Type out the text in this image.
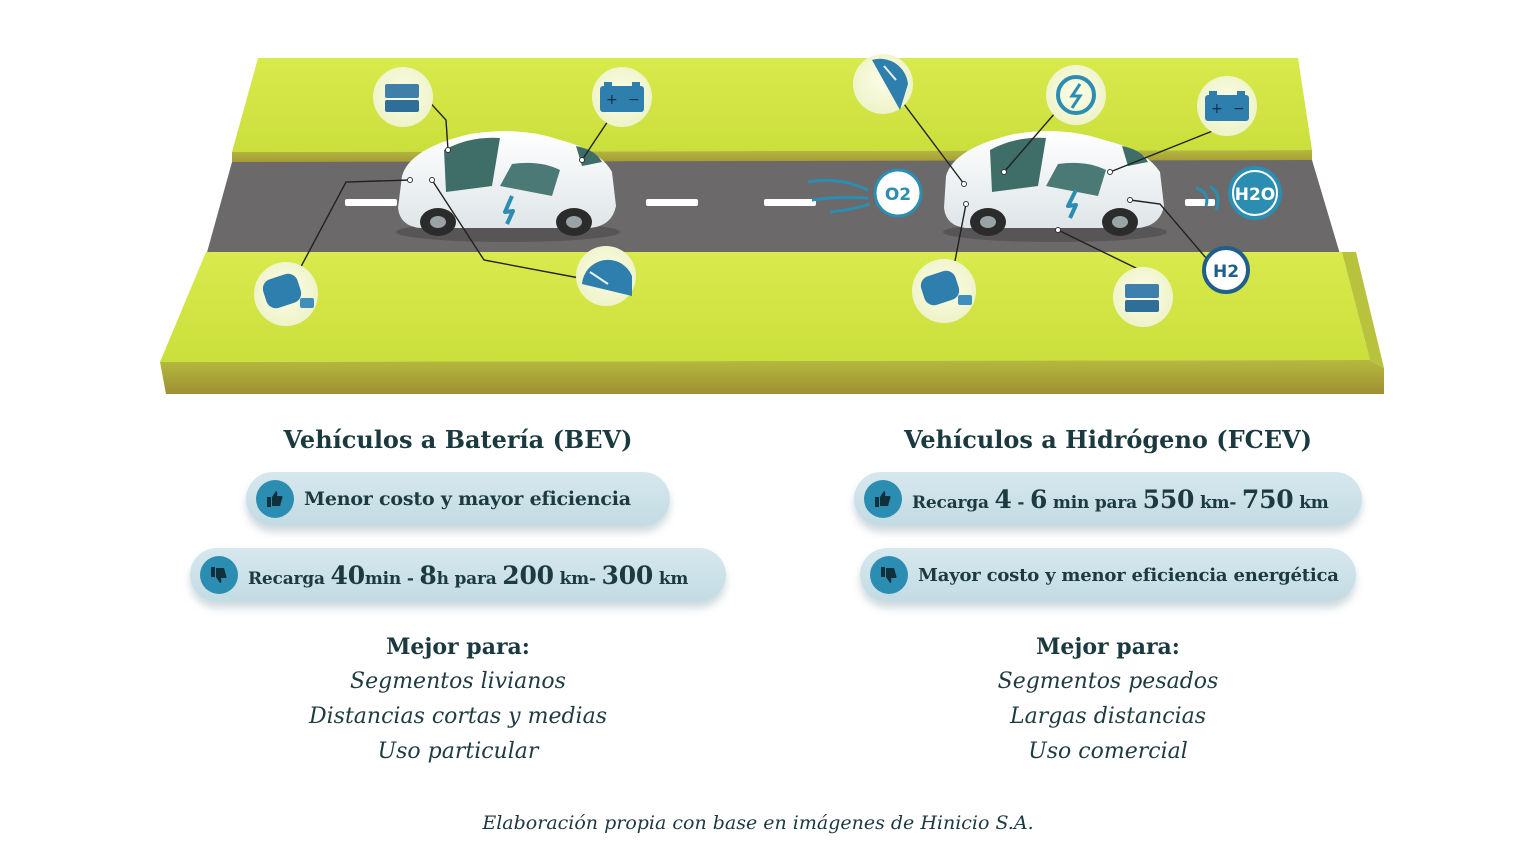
+ −
+ −
O2	H2O
H2
Vehículos a Batería (BEV)
Menor costo y mayor eficiencia
Recarga 40min - 8h para 200 km- 300 km
Mejor para:
Segmentos livianos
Distancias cortas y medias
Uso particular
Vehículos a Hidrógeno (FCEV)
Recarga 4 - 6 min para 550 km- 750 km
Mayor costo y menor eficiencia energética
Mejor para:
Segmentos pesados
Largas distancias
Uso comercial
Elaboración propia con base en imágenes de Hinicio S.A.
